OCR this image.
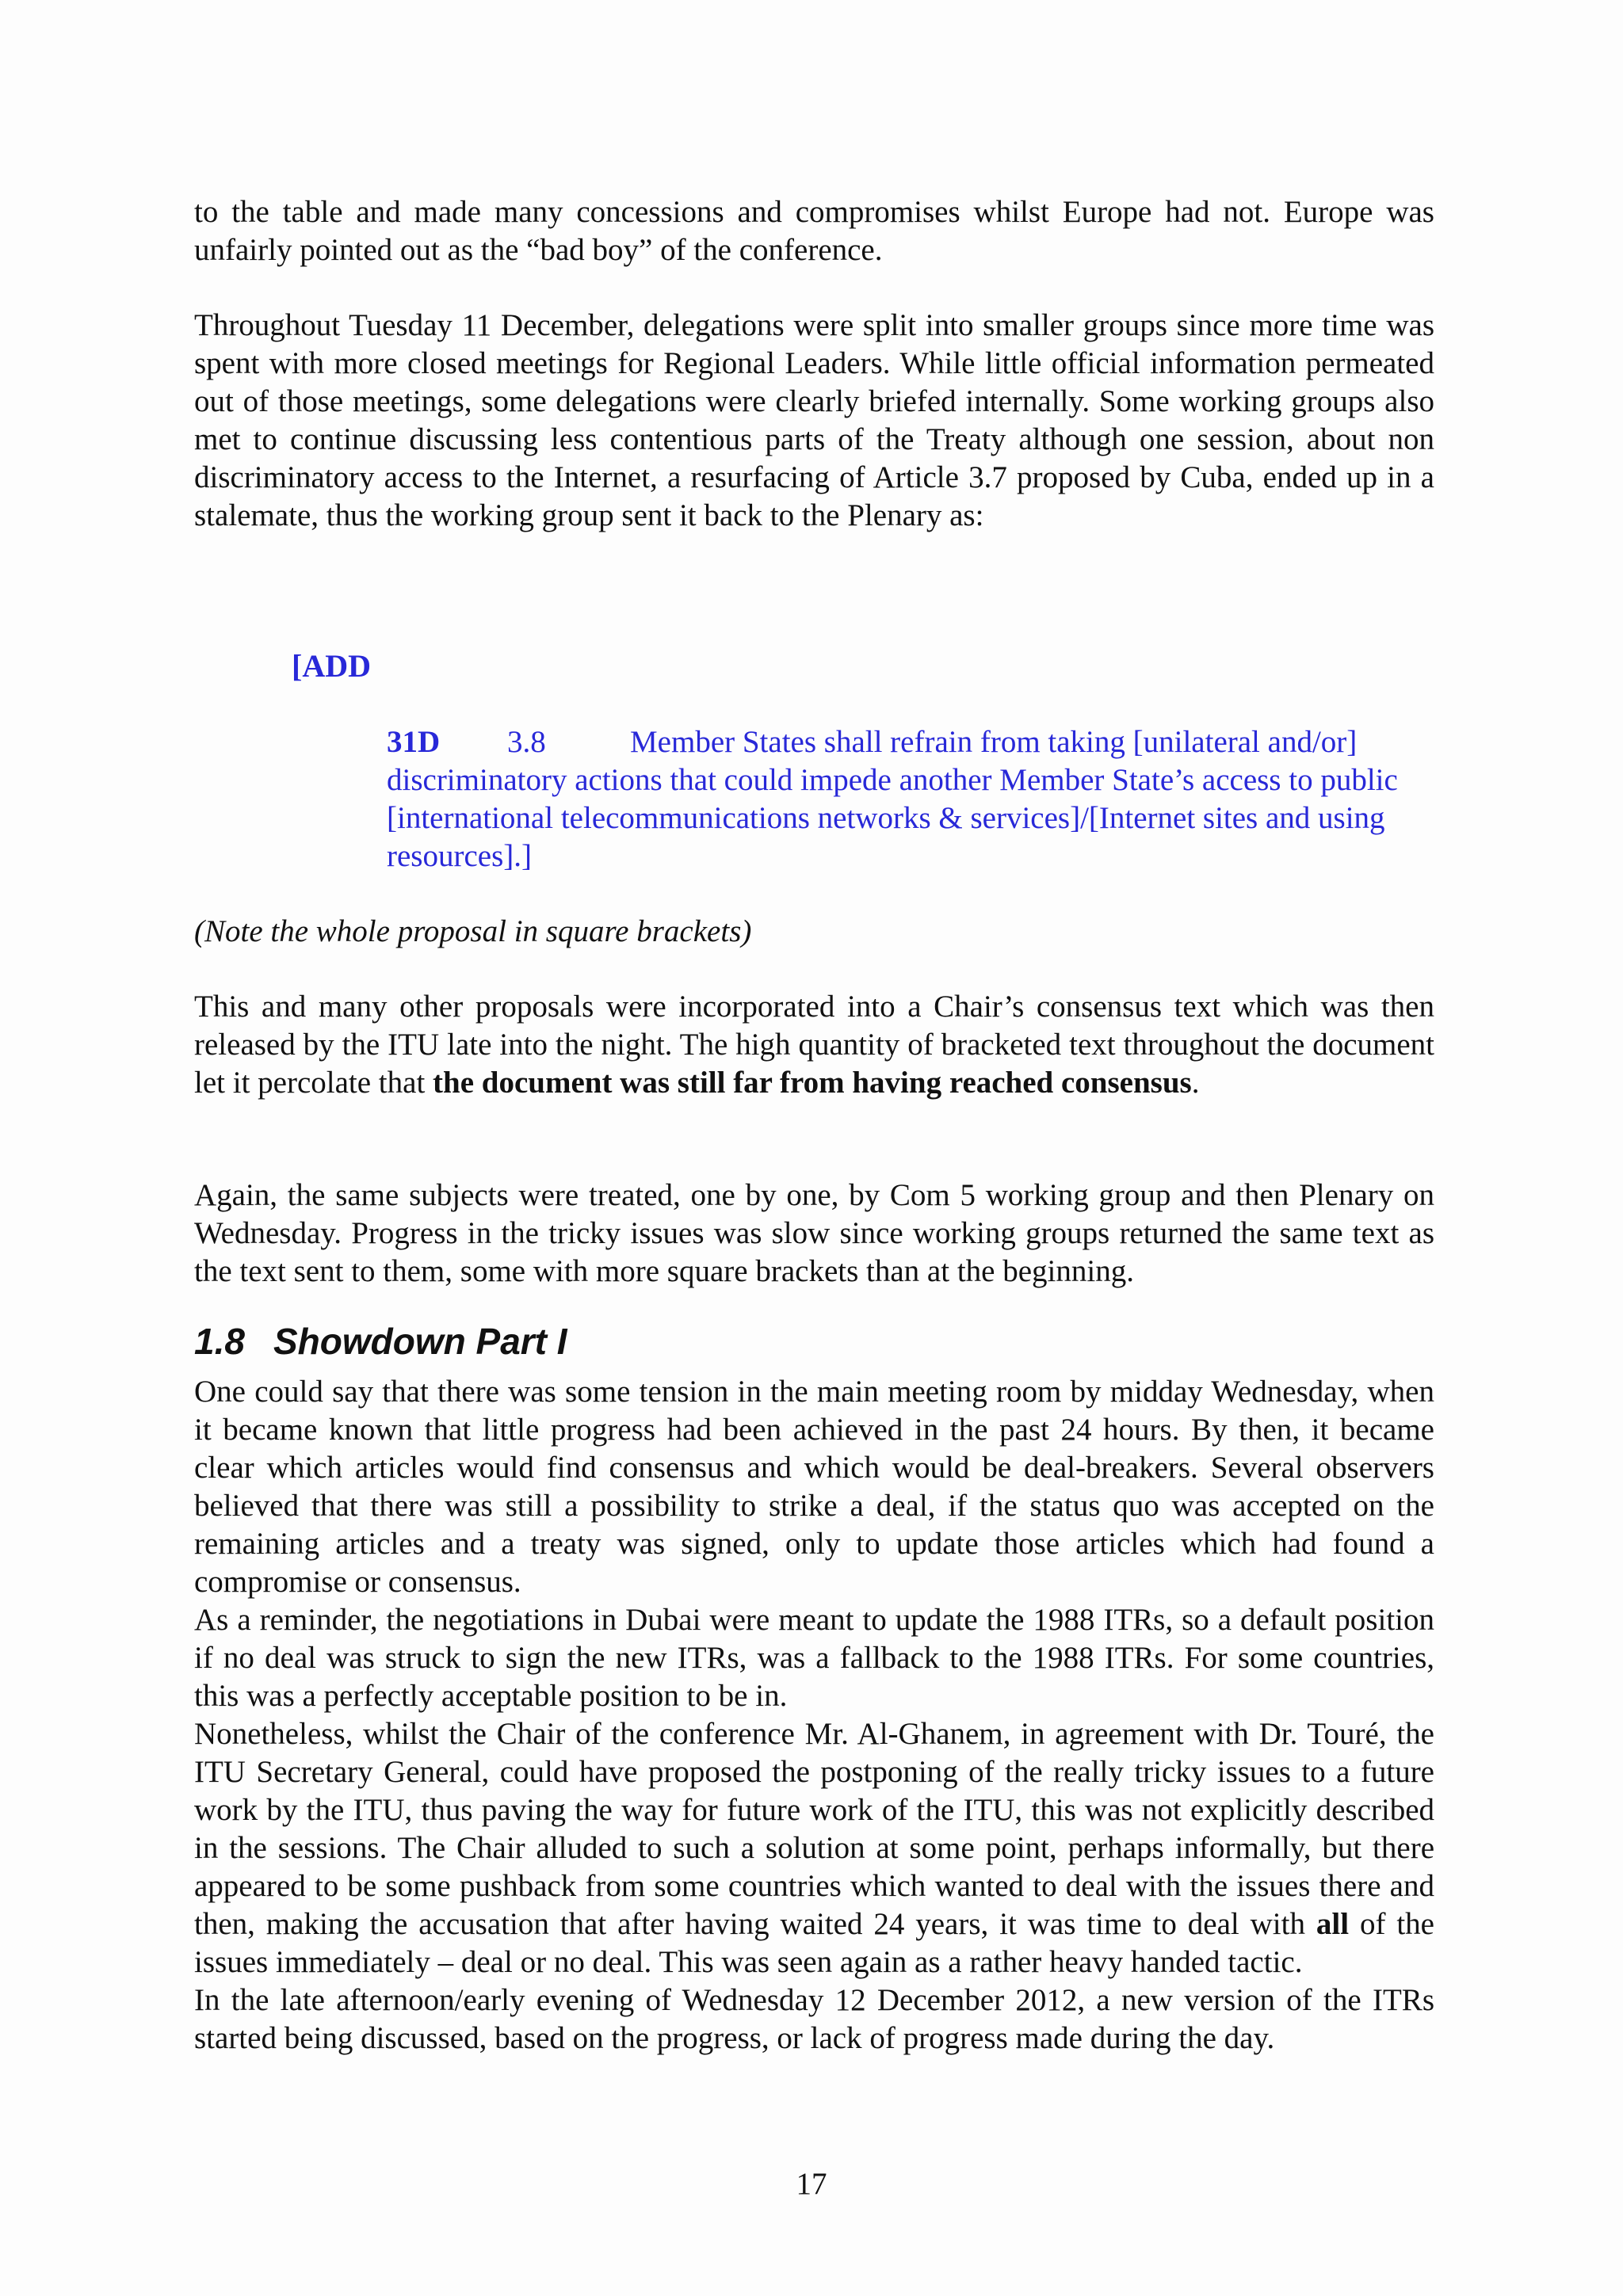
to the table and made many concessions and compromises whilst Europe had not. Europe was unfairly pointed out as the “bad boy” of the conference.
Throughout Tuesday 11 December, delegations were split into smaller groups since more time was spent with more closed meetings for Regional Leaders. While little official information permeated out of those meetings, some delegations were clearly briefed internally. Some working groups also met to continue discussing less contentious parts of the Treaty although one session, about non discriminatory access to the Internet, a resurfacing of Article 3.7 proposed by Cuba, ended up in a stalemate, thus the working group sent it back to the Plenary as:
[ADD
31D 3.8	Member States shall refrain from taking [unilateral and/or] discriminatory actions that could impede another Member State’s access to public [international telecommunications networks & services]/[Internet sites and using resources].]
(Note the whole proposal in square brackets)
This and many other proposals were incorporated into a Chair’s consensus text which was then released by the ITU late into the night. The high quantity of bracketed text throughout the document let it percolate that the document was still far from having reached consensus.
Again, the same subjects were treated, one by one, by Com 5 working group and then Plenary on Wednesday. Progress in the tricky issues was slow since working groups returned the same text as the text sent to them, some with more square brackets than at the beginning.
1.8 Showdown Part I
One could say that there was some tension in the main meeting room by midday Wednesday, when it became known that little progress had been achieved in the past 24 hours. By then, it became clear which articles would find consensus and which would be deal-breakers. Several observers believed that there was still a possibility to strike a deal, if the status quo was accepted on the remaining articles and a treaty was signed, only to update those articles which had found a compromise or consensus.
As a reminder, the negotiations in Dubai were meant to update the 1988 ITRs, so a default position if no deal was struck to sign the new ITRs, was a fallback to the 1988 ITRs. For some countries, this was a perfectly acceptable position to be in.
Nonetheless, whilst the Chair of the conference Mr. Al-Ghanem, in agreement with Dr. Touré, the ITU Secretary General, could have proposed the postponing of the really tricky issues to a future work by the ITU, thus paving the way for future work of the ITU, this was not explicitly described in the sessions. The Chair alluded to such a solution at some point, perhaps informally, but there appeared to be some pushback from some countries which wanted to deal with the issues there and then, making the accusation that after having waited 24 years, it was time to deal with all of the issues immediately – deal or no deal. This was seen again as a rather heavy handed tactic.
In the late afternoon/early evening of Wednesday 12 December 2012, a new version of the ITRs started being discussed, based on the progress, or lack of progress made during the day.
17
